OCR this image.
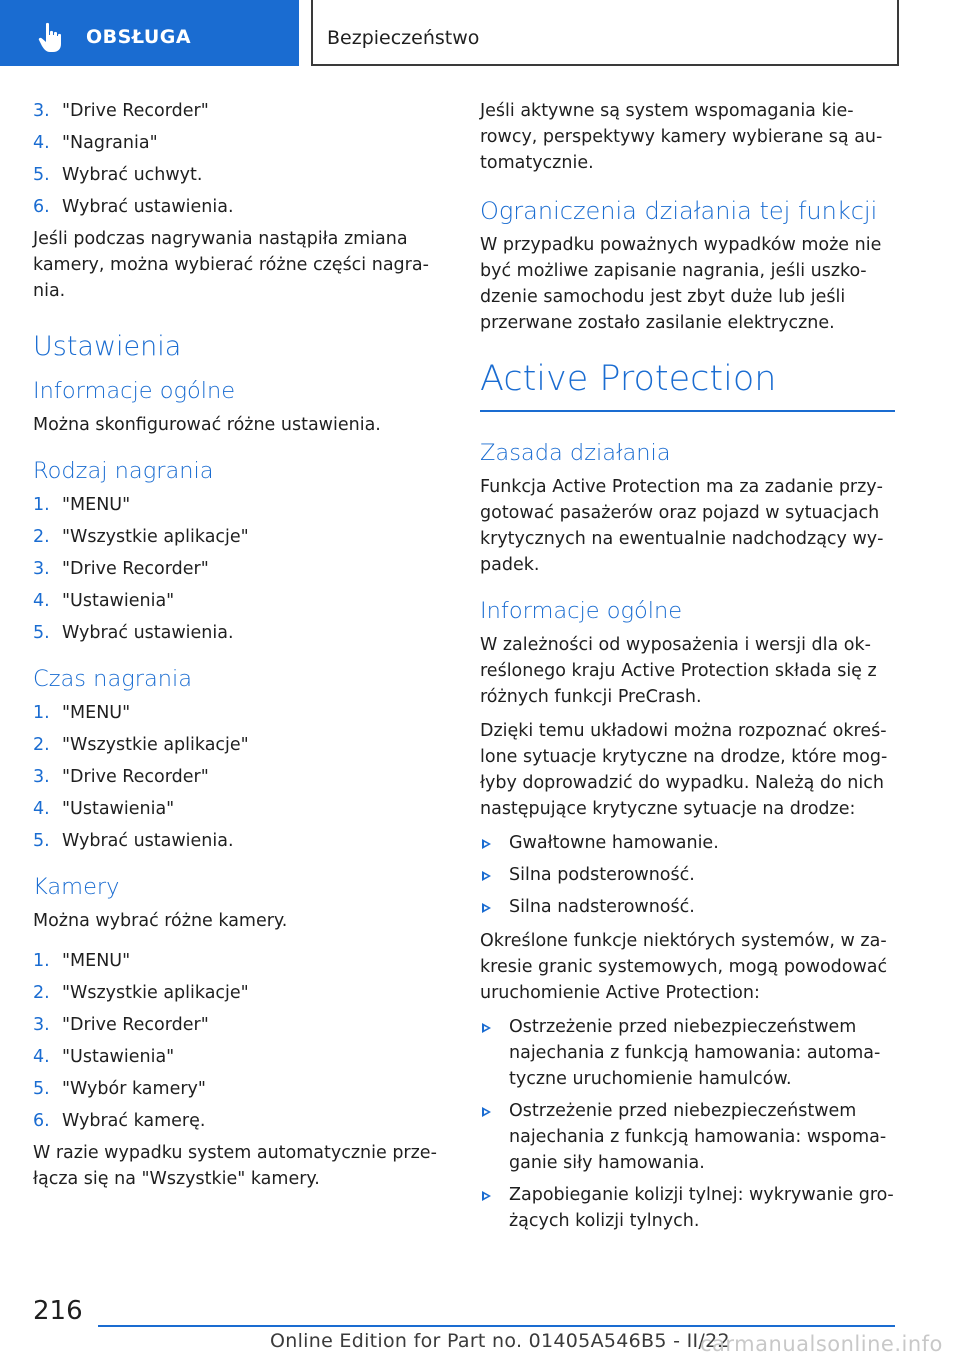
OBSŁUGA	Bezpieczeństwo
3. "Drive Recorder"
4. "Nagrania"
5. Wybrać uchwyt.
6. Wybrać ustawienia.

Jeśli podczas nagrywania nastąpiła zmiana kamery, można wybierać różne części nagrania.

Ustawienia
Informacje ogólne

Można skonfigurować różne ustawienia.

Rodzaj nagrania
1. "MENU"
2. "Wszystkie aplikacje"
3. "Drive Recorder"
4. "Ustawienia"
5. Wybrać ustawienia.
Czas nagrania
1. "MENU"
2. "Wszystkie aplikacje"
3. "Drive Recorder"
4. "Ustawienia"
5. Wybrać ustawienia.
Kamery

Można wybrać różne kamery.

1. "MENU"
2. "Wszystkie aplikacje"
3. "Drive Recorder"
4. "Ustawienia"
5. "Wybór kamery"
6. Wybrać kamerę.

W razie wypadku system automatycznie przełącza się na "Wszystkie" kamery.

Jeśli aktywne są system wspomagania kierowcy, perspektywy kamery wybierane są automatycznie.

Ograniczenia działania tej funkcji

W przypadku poważnych wypadków może nie być możliwe zapisanie nagrania, jeśli uszkodzenie samochodu jest zbyt duże lub jeśli przerwane zostało zasilanie elektryczne.

Active Protection
Zasada działania

Funkcja Active Protection ma za zadanie przygotować pasażerów oraz pojazd w sytuacjach krytycznych na ewentualnie nadchodzący wypadek.

Informacje ogólne

W zależności od wyposażenia i wersji dla określonego kraju Active Protection składa się z różnych funkcji PreCrash.

Dzięki temu układowi można rozpoznać określone sytuacje krytyczne na drodze, które mogłyby doprowadzić do wypadku. Należą do nich następujące krytyczne sytuacje na drodze:

Gwałtowne hamowanie.
Silna podsterowność.
Silna nadsterowność.

Określone funkcje niektórych systemów, w zakresie granic systemowych, mogą powodować uruchomienie Active Protection:

Ostrzeżenie przed niebezpieczeństwem najechania z funkcją hamowania: automatyczne uruchomienie hamulców.
Ostrzeżenie przed niebezpieczeństwem najechania z funkcją hamowania: wspomaganie siły hamowania.
Zapobieganie kolizji tylnej: wykrywanie grożących kolizji tylnych.
216
Online Edition for Part no. 01405A546B5 - II/22
carmanualsonline.info
